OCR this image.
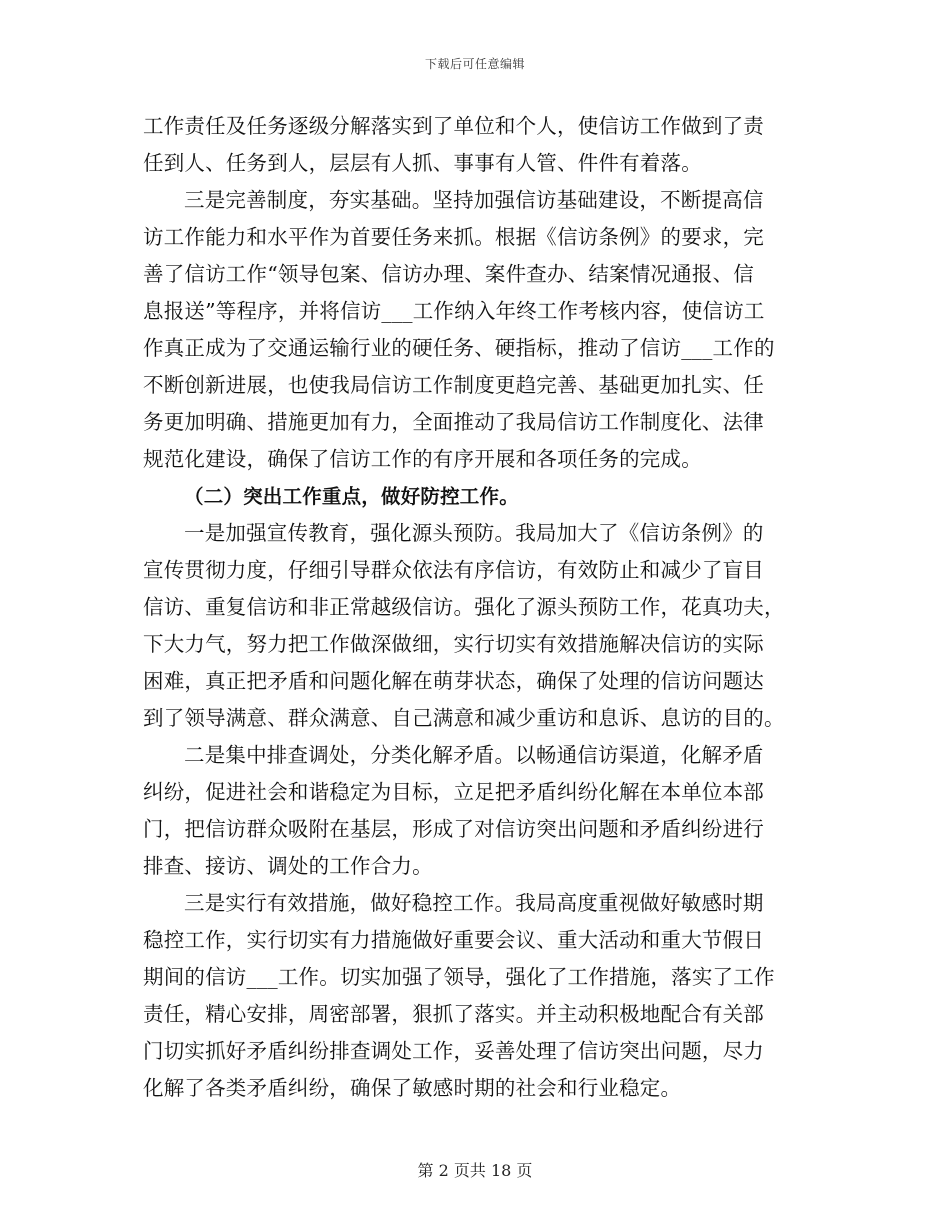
下载后可任意编辑
工作责任及任务逐级分解落实到了单位和个人，使信访工作做到了责
任到人、任务到人，层层有人抓、事事有人管、件件有着落。
三是完善制度，夯实基础。坚持加强信访基础建设，不断提高信
访工作能力和水平作为首要任务来抓。根据《信访条例》的要求，完
善了信访工作“领导包案、信访办理、案件查办、结案情况通报、信
息报送”等程序，并将信访___工作纳入年终工作考核内容，使信访工
作真正成为了交通运输行业的硬任务、硬指标，推动了信访___工作的
不断创新进展，也使我局信访工作制度更趋完善、基础更加扎实、任
务更加明确、措施更加有力，全面推动了我局信访工作制度化、法律
规范化建设，确保了信访工作的有序开展和各项任务的完成。
（二）突出工作重点，做好防控工作。
一是加强宣传教育，强化源头预防。我局加大了《信访条例》的
宣传贯彻力度，仔细引导群众依法有序信访，有效防止和减少了盲目
信访、重复信访和非正常越级信访。强化了源头预防工作，花真功夫，
下大力气，努力把工作做深做细，实行切实有效措施解决信访的实际
困难，真正把矛盾和问题化解在萌芽状态，确保了处理的信访问题达
到了领导满意、群众满意、自己满意和减少重访和息诉、息访的目的。
二是集中排查调处，分类化解矛盾。以畅通信访渠道，化解矛盾
纠纷，促进社会和谐稳定为目标，立足把矛盾纠纷化解在本单位本部
门，把信访群众吸附在基层，形成了对信访突出问题和矛盾纠纷进行
排查、接访、调处的工作合力。
三是实行有效措施，做好稳控工作。我局高度重视做好敏感时期
稳控工作，实行切实有力措施做好重要会议、重大活动和重大节假日
期间的信访___工作。切实加强了领导，强化了工作措施，落实了工作
责任，精心安排，周密部署，狠抓了落实。并主动积极地配合有关部
门切实抓好矛盾纠纷排查调处工作，妥善处理了信访突出问题，尽力
化解了各类矛盾纠纷，确保了敏感时期的社会和行业稳定。
第 2 页共 18 页
